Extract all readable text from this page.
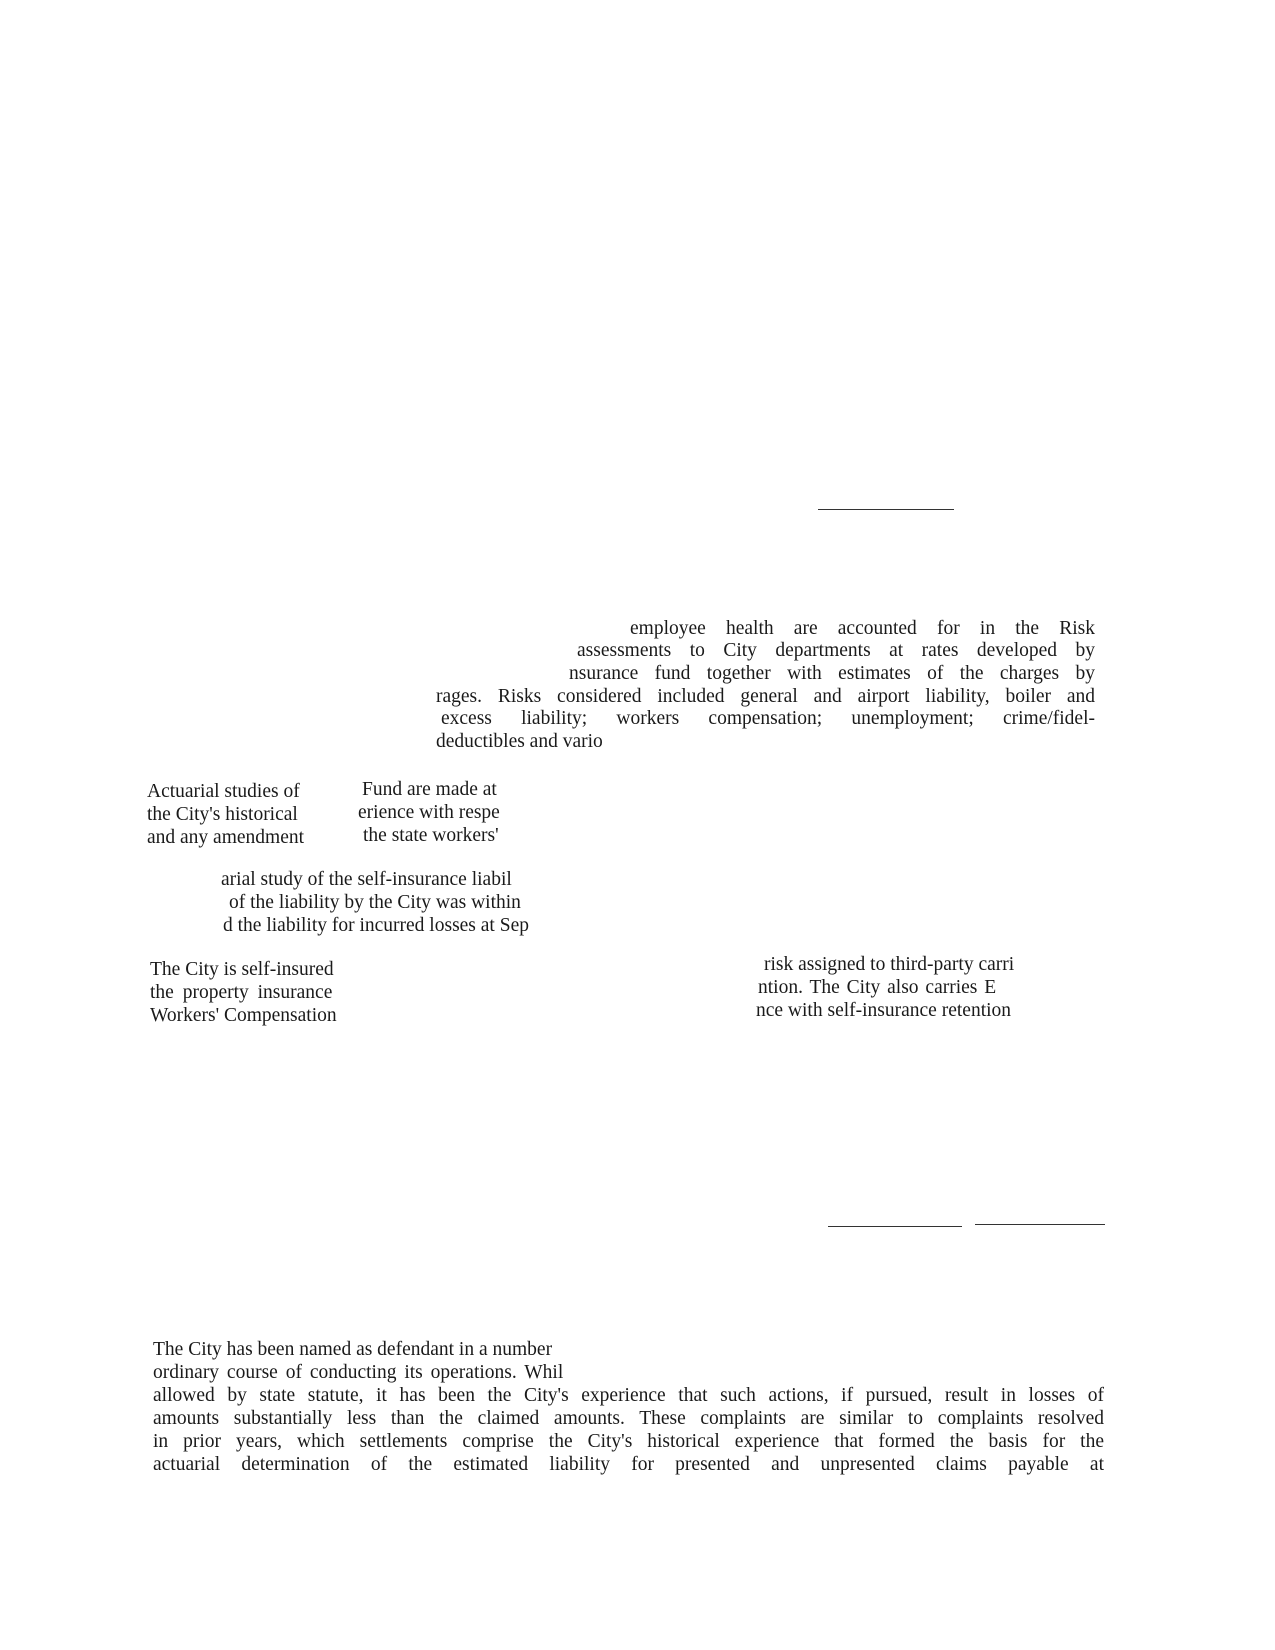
employee health are accounted for in the Risk
assessments to City departments at rates developed by
nsurance fund together with estimates of the charges by
rages. Risks considered included general and airport liability, boiler and
excess liability; workers compensation; unemployment; crime/fidel-
deductibles and vario
Actuarial studies of
the City's historical
and any amendment
Fund are made at
erience with respe
the state workers'
arial study of the self-insurance liabil
of the liability by the City was within
d the liability for incurred losses at Sep
The City is self-insured
the property insurance
Workers' Compensation
risk assigned to third-party carri
ntion. The City also carries E
nce with self-insurance retention
The City has been named as defendant in a number
ordinary course of conducting its operations. Whil
allowed by state statute, it has been the City's experience that such actions, if pursued, result in losses of
amounts substantially less than the claimed amounts. These complaints are similar to complaints resolved
in prior years, which settlements comprise the City's historical experience that formed the basis for the
actuarial determination of the estimated liability for presented and unpresented claims payable at
